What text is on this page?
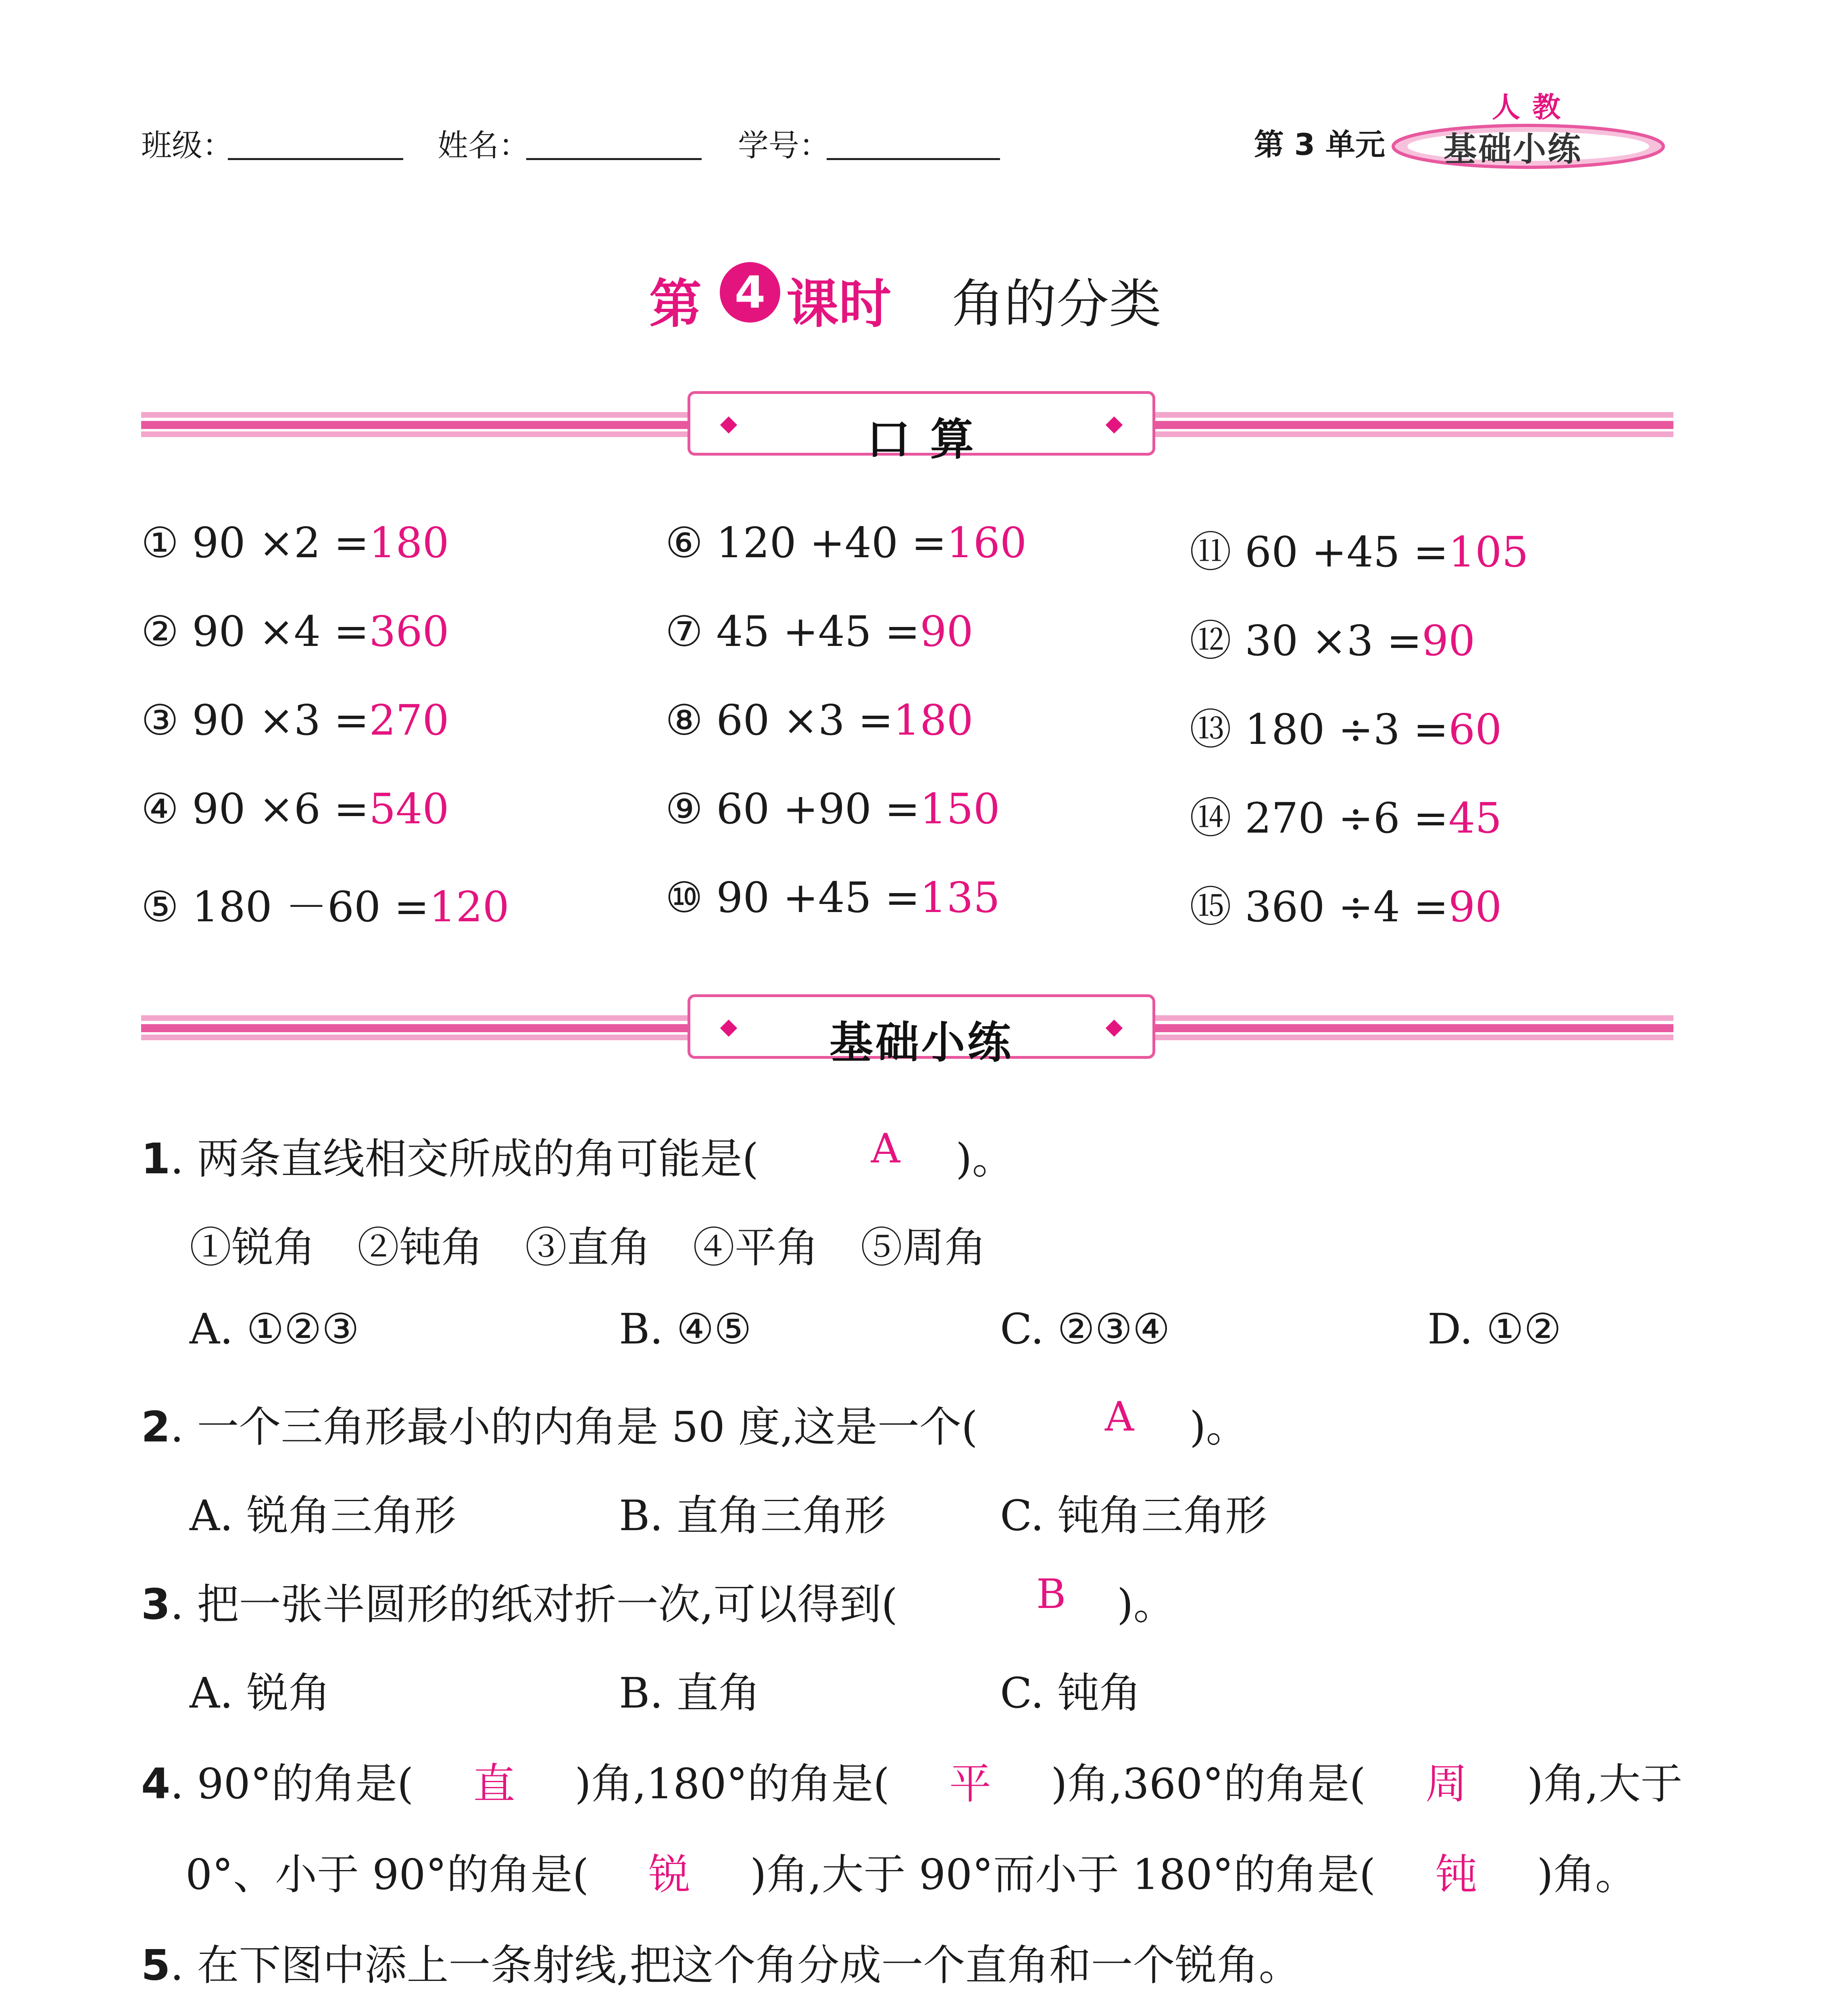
班级：	姓名：	学号：	第 3 单元
人教
基础小练
第 4 课时 角的分类
口 算
① 90 ×2 =180
② 90 ×4 =360
③ 90 ×3 =270
④ 90 ×6 =540
⑤ 180 －60 =120
⑥ 120 +40 =160
⑦ 45 +45 =90
⑧ 60 ×3 =180
⑨ 60 +90 =150
⑩ 90 +45 =135
⑪ 60 +45 =105
⑫ 30 ×3 =90
⑬ 180 ÷3 =60
⑭ 270 ÷6 =45
⑮ 360 ÷4 =90
基础小练
1. 两条直线相交所成的角可能是(	A )。
①锐角　②钝角　③直角　④平角　⑤周角
A. ①②③	B. ④⑤	C. ②③④	D. ①②
2. 一个三角形最小的内角是 50 度,这是一个(	A )。
A. 锐角三角形	B. 直角三角形	C. 钝角三角形
3. 把一张半圆形的纸对折一次,可以得到(	B )。
A. 锐角	B. 直角	C. 钝角
4. 90°的角是( 直 )角,180°的角是( 平 )角,360°的角是( 周 )角,大于
0°、小于 90°的角是( 锐 )角,大于 90°而小于 180°的角是( 钝 )角。
5. 在下图中添上一条射线,把这个角分成一个直角和一个锐角。
